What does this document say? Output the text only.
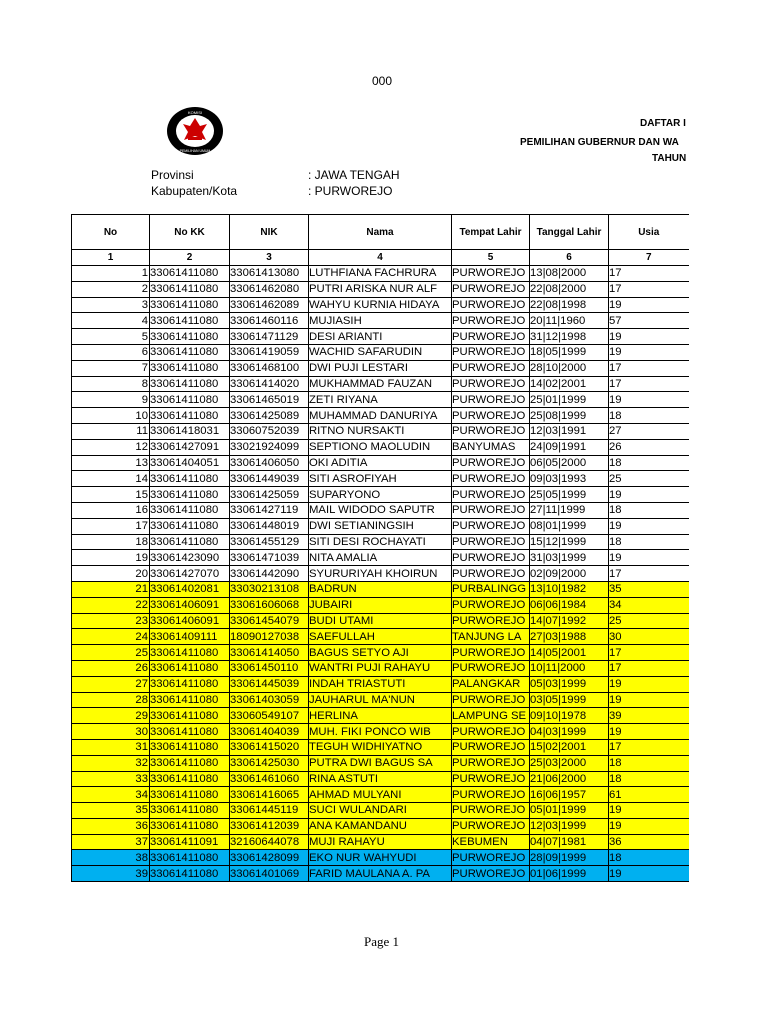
000
KOMISI
PEMILIHAN UMUM
DAFTAR I
PEMILIHAN GUBERNUR DAN WA
TAHUN
Provinsi	: JAWA TENGAH
Kabupaten/Kota	: PURWOREJO
No	No KK	NIK	Nama	Tempat Lahir	Tanggal Lahir	Usia
1	2	3	4	5	6	7
1	33061411080	33061413080	LUTHFIANA FACHRURA	PURWOREJO	13|08|2000	17
2	33061411080	33061462080	PUTRI ARISKA NUR ALF	PURWOREJO	22|08|2000	17
3	33061411080	33061462089	WAHYU KURNIA HIDAYA	PURWOREJO	22|08|1998	19
4	33061411080	33061460116	MUJIASIH	PURWOREJO	20|11|1960	57
5	33061411080	33061471129	DESI ARIANTI	PURWOREJO	31|12|1998	19
6	33061411080	33061419059	WACHID SAFARUDIN	PURWOREJO	18|05|1999	19
7	33061411080	33061468100	DWI PUJI LESTARI	PURWOREJO	28|10|2000	17
8	33061411080	33061414020	MUKHAMMAD FAUZAN	PURWOREJO	14|02|2001	17
9	33061411080	33061465019	ZETI RIYANA	PURWOREJO	25|01|1999	19
10	33061411080	33061425089	MUHAMMAD DANURIYA	PURWOREJO	25|08|1999	18
11	33061418031	33060752039	RITNO NURSAKTI	PURWOREJO	12|03|1991	27
12	33061427091	33021924099	SEPTIONO MAOLUDIN	BANYUMAS	24|09|1991	26
13	33061404051	33061406050	OKI ADITIA	PURWOREJO	06|05|2000	18
14	33061411080	33061449039	SITI ASROFIYAH	PURWOREJO	09|03|1993	25
15	33061411080	33061425059	SUPARYONO	PURWOREJO	25|05|1999	19
16	33061411080	33061427119	MAIL WIDODO SAPUTR	PURWOREJO	27|11|1999	18
17	33061411080	33061448019	DWI SETIANINGSIH	PURWOREJO	08|01|1999	19
18	33061411080	33061455129	SITI DESI ROCHAYATI	PURWOREJO	15|12|1999	18
19	33061423090	33061471039	NITA AMALIA	PURWOREJO	31|03|1999	19
20	33061427070	33061442090	SYURURIYAH KHOIRUN	PURWOREJO	02|09|2000	17
21	33061402081	33030213108	BADRUN	PURBALINGG	13|10|1982	35
22	33061406091	33061606068	JUBAIRI	PURWOREJO	06|06|1984	34
23	33061406091	33061454079	BUDI UTAMI	PURWOREJO	14|07|1992	25
24	33061409111	18090127038	SAEFULLAH	TANJUNG LA	27|03|1988	30
25	33061411080	33061414050	BAGUS SETYO AJI	PURWOREJO	14|05|2001	17
26	33061411080	33061450110	WANTRI PUJI RAHAYU	PURWOREJO	10|11|2000	17
27	33061411080	33061445039	INDAH TRIASTUTI	PALANGKAR	05|03|1999	19
28	33061411080	33061403059	JAUHARUL MA'NUN	PURWOREJO	03|05|1999	19
29	33061411080	33060549107	HERLINA	LAMPUNG SE	09|10|1978	39
30	33061411080	33061404039	MUH. FIKI PONCO WIB	PURWOREJO	04|03|1999	19
31	33061411080	33061415020	TEGUH WIDHIYATNO	PURWOREJO	15|02|2001	17
32	33061411080	33061425030	PUTRA DWI BAGUS SA	PURWOREJO	25|03|2000	18
33	33061411080	33061461060	RINA ASTUTI	PURWOREJO	21|06|2000	18
34	33061411080	33061416065	AHMAD MULYANI	PURWOREJO	16|06|1957	61
35	33061411080	33061445119	SUCI WULANDARI	PURWOREJO	05|01|1999	19
36	33061411080	33061412039	ANA KAMANDANU	PURWOREJO	12|03|1999	19
37	33061411091	32160644078	MUJI RAHAYU	KEBUMEN	04|07|1981	36
38	33061411080	33061428099	EKO NUR WAHYUDI	PURWOREJO	28|09|1999	18
39	33061411080	33061401069	FARID MAULANA A. PA	PURWOREJO	01|06|1999	19
Page 1
